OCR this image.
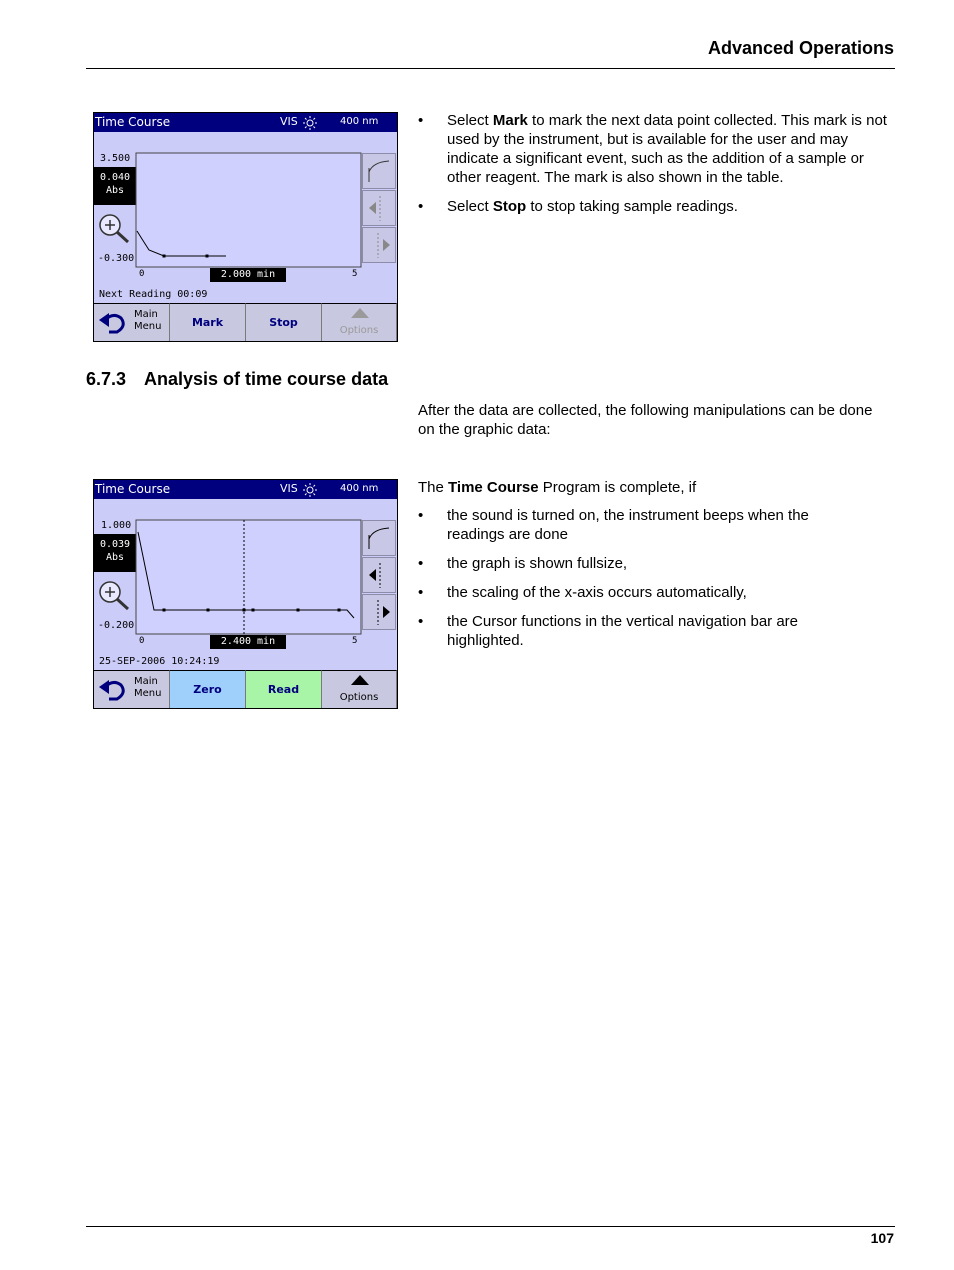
Advanced Operations
Time Course	VIS	400 nm
3.500
0.040
Abs
-0.300
0	2.000 min	5
Next Reading 00:09
Main
Menu	Mark	Stop
Options
• Select Mark to mark the next data point collected. This mark is not used by the instrument, but is available for the user and may indicate a significant event, such as the addition of a sample or other reagent. The mark is also shown in the table.
• Select Stop to stop taking sample readings.
6.7.3 Analysis of time course data
After the data are collected, the following manipulations can be done on the graphic data:
Time Course	VIS	400 nm
1.000
0.039
Abs
-0.200
0	2.400 min	5
25-SEP-2006 10:24:19
Main
Menu	Zero	Read
Options
The Time Course Program is complete, if
• the sound is turned on, the instrument beeps when the readings are done
• the graph is shown fullsize,
• the scaling of the x-axis occurs automatically,
• the Cursor functions in the vertical navigation bar are highlighted.
107
